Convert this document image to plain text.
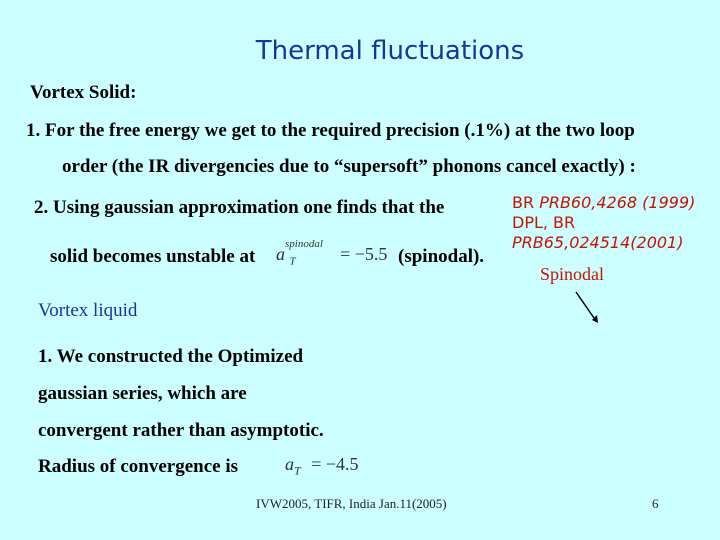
Thermal fluctuations
Vortex Solid:
1. For the free energy we get to the required precision (.1%) at the two loop
order (the IR divergencies due to “supersoft” phonons cancel exactly) :
2. Using gaussian approximation one finds that the
solid becomes unstable at a $_T$
spinodal = −5.5 (spinodal).
BR PRB60,4268 (1999)
DPL, BR
PRB65,024514(2001)
Spinodal
Vortex liquid
1. We constructed the Optimized
gaussian series, which are
convergent rather than asymptotic.
Radius of convergence is	$a_T = -4.5$
IVW2005, TIFR, India Jan.11(2005)	6
